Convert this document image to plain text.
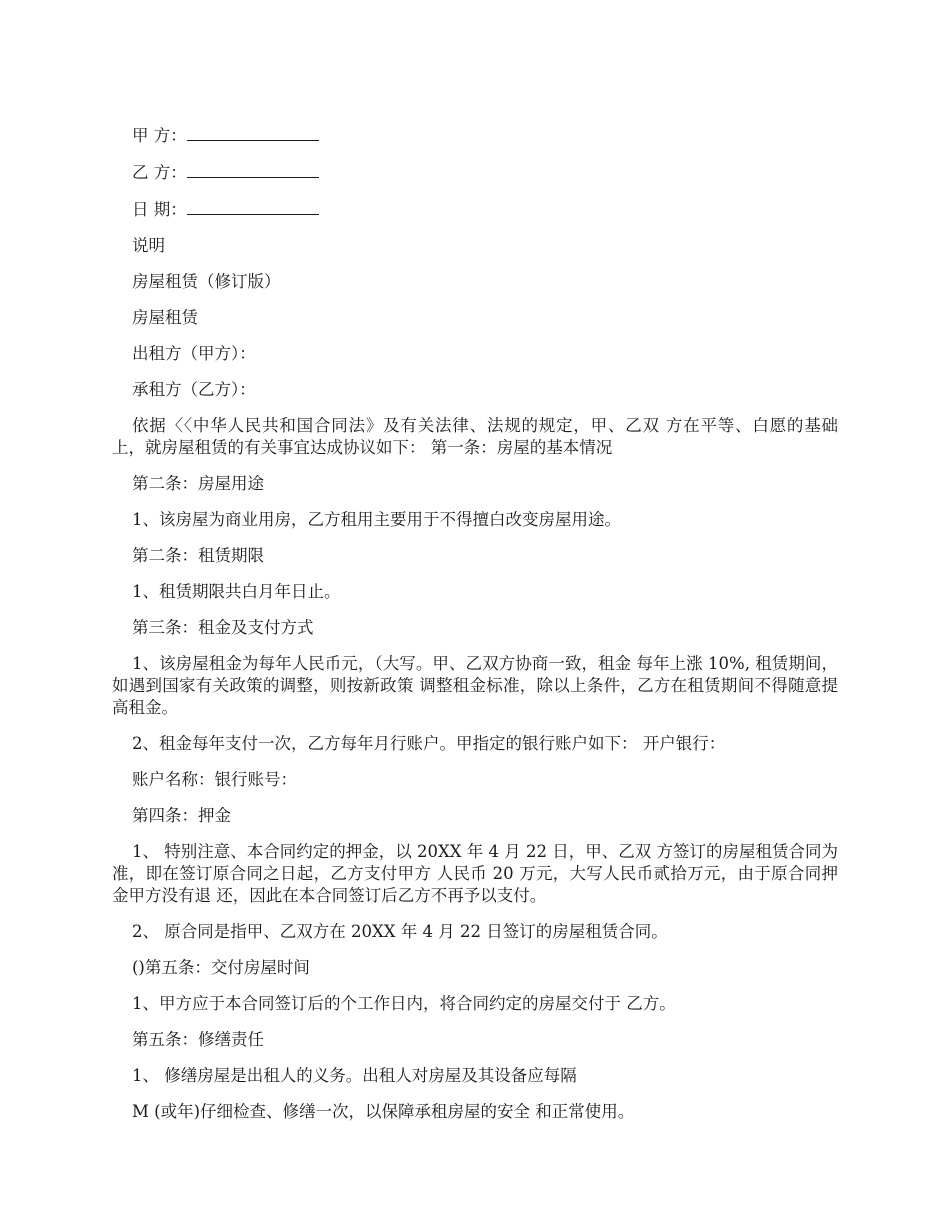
甲 方：
乙 方：
日 期：

说明

房屋租赁（修订版）

房屋租赁

出租方（甲方）：

承租方（乙方）：

依据〈〈中华人民共和国合同法》及有关法律、法规的规定，甲、乙双 方在平等、白愿的基础上，就房屋租赁的有关事宜达成协议如下： 第一条：房屋的基本情况

第二条：房屋用途

1、该房屋为商业用房，乙方租用主要用于不得擅白改变房屋用途。

第二条：租赁期限

1、租赁期限共白月年日止。

第三条：租金及支付方式

1、该房屋租金为每年人民币元，（大写。甲、乙双方协商一致，租金 每年上涨 10%, 租赁期间，如遇到国家有关政策的调整，则按新政策 调整租金标准，除以上条件，乙方在租赁期间不得随意提高租金。

2、租金每年支付一次，乙方每年月行账户。甲指定的银行账户如下： 开户银行：

账户名称：银行账号：

第四条：押金

1、 特别注意、本合同约定的押金，以 20XX 年 4 月 22 日，甲、乙双 方签订的房屋租赁合同为准，即在签订原合同之日起，乙方支付甲方 人民币 20 万元，大写人民币贰拾万元，由于原合同押金甲方没有退 还，因此在本合同签订后乙方不再予以支付。

2、 原合同是指甲、乙双方在 20XX 年 4 月 22 日签订的房屋租赁合同。

()第五条：交付房屋时间

1、甲方应于本合同签订后的个工作日内，将合同约定的房屋交付于 乙方。

第五条：修缮责任

1、 修缮房屋是出租人的义务。出租人对房屋及其设备应每隔

M (或年)仔细检查、修缮一次，以保障承租房屋的安全 和正常使用。
